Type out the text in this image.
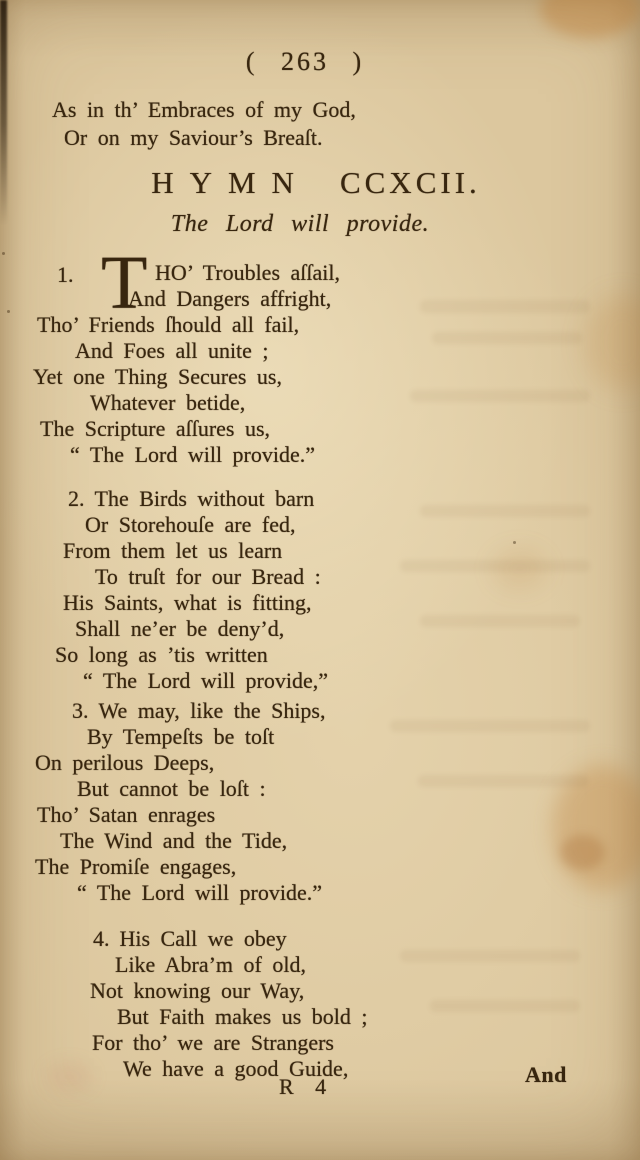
( 263 )
As in th’ Embraces of my God,
Or on my Saviour’s Breaſt.
HYMN CCXCII.
The Lord will provide.
1. T HO’ Troubles aſſail,
And Dangers affright,
Tho’ Friends ſhould all fail,
And Foes all unite ;
Yet one Thing Secures us,
Whatever betide,
The Scripture aſſures us,
“ The Lord will provide.”
2. The Birds without barn
Or Storehouſe are fed,
From them let us learn
To truſt for our Bread :
His Saints, what is fitting,
Shall ne’er be deny’d,
So long as ’tis written
“ The Lord will provide,”
3. We may, like the Ships,
By Tempeſts be toſt
On perilous Deeps,
But cannot be loſt :
Tho’ Satan enrages
The Wind and the Tide,
The Promiſe engages,
“ The Lord will provide.”
4. His Call we obey
Like Abra’m of old,
Not knowing our Way,
But Faith makes us bold ;
For tho’ we are Strangers
We have a good Guide,
R 4	And
